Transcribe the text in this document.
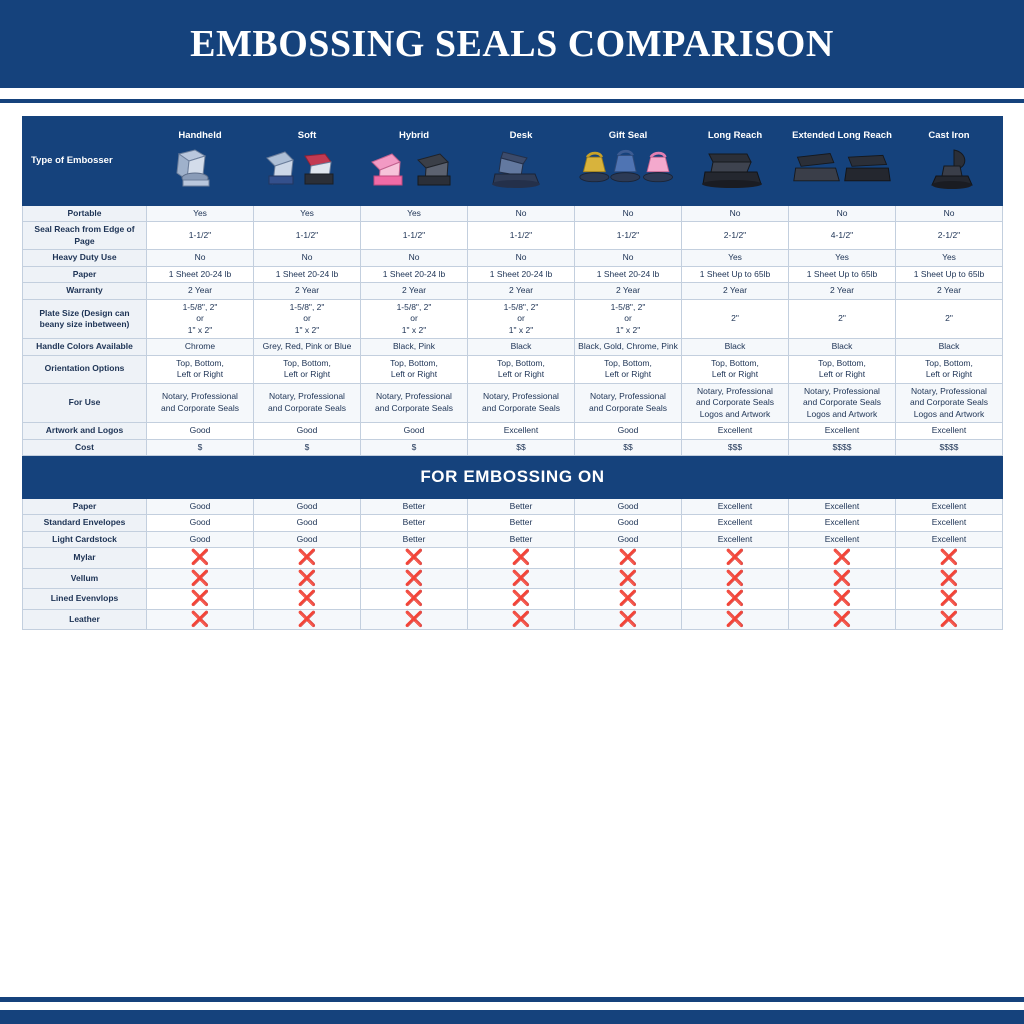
EMBOSSING SEALS COMPARISON
Type of Embosser	Handheld	Soft	Hybrid	Desk	Gift Seal	Long Reach	Extended Long Reach	Cast Iron

Portable	Yes	Yes	Yes	No	No	No	No	No
Seal Reach from Edge of Page	1-1/2"	1-1/2"	1-1/2"	1-1/2"	1-1/2"	2-1/2"	4-1/2"	2-1/2"
Heavy Duty Use	No	No	No	No	No	Yes	Yes	Yes
Paper	1 Sheet 20-24 lb	1 Sheet 20-24 lb	1 Sheet 20-24 lb	1 Sheet 20-24 lb	1 Sheet 20-24 lb	1 Sheet Up to 65lb	1 Sheet Up to 65lb	1 Sheet Up to 65lb
Warranty	2 Year	2 Year	2 Year	2 Year	2 Year	2 Year	2 Year	2 Year
Plate Size (Design can beany size inbetween)	1-5/8", 2"
or
1" x 2"	1-5/8", 2"
or
1" x 2"	1-5/8", 2"
or
1" x 2"	1-5/8", 2"
or
1" x 2"	1-5/8", 2"
or
1" x 2"	2"	2"	2"
Handle Colors Available	Chrome	Grey, Red, Pink or Blue	Black, Pink	Black	Black, Gold, Chrome, Pink	Black	Black	Black
Orientation Options	Top, Bottom,
Left or Right	Top, Bottom,
Left or Right	Top, Bottom,
Left or Right	Top, Bottom,
Left or Right	Top, Bottom,
Left or Right	Top, Bottom,
Left or Right	Top, Bottom,
Left or Right	Top, Bottom,
Left or Right

For Use	Notary, Professional
and Corporate Seals	Notary, Professional
and Corporate Seals	Notary, Professional
and Corporate Seals	Notary, Professional
and Corporate Seals	Notary, Professional
and Corporate Seals	Notary, Professional
and Corporate Seals
Logos and Artwork	Notary, Professional
and Corporate Seals
Logos and Artwork	Notary, Professional
and Corporate Seals
Logos and Artwork

Artwork and Logos	Good	Good	Good	Excellent	Good	Excellent	Excellent	Excellent
Cost	$	$	$	$$	$$	$$$	$$$$	$$$$
FOR EMBOSSING ON								
Paper	Good	Good	Better	Better	Good	Excellent	Excellent	Excellent
Standard Envelopes	Good	Good	Better	Better	Good	Excellent	Excellent	Excellent
Light Cardstock	Good	Good	Better	Better	Good	Excellent	Excellent	Excellent
Mylar	❌	❌	❌	❌	❌	❌	❌	❌
Vellum	❌	❌	❌	❌	❌	❌	❌	❌
Lined Evenvlops	❌	❌	❌	❌	❌	❌	❌	❌
Leather	❌	❌	❌	❌	❌	❌	❌	❌
